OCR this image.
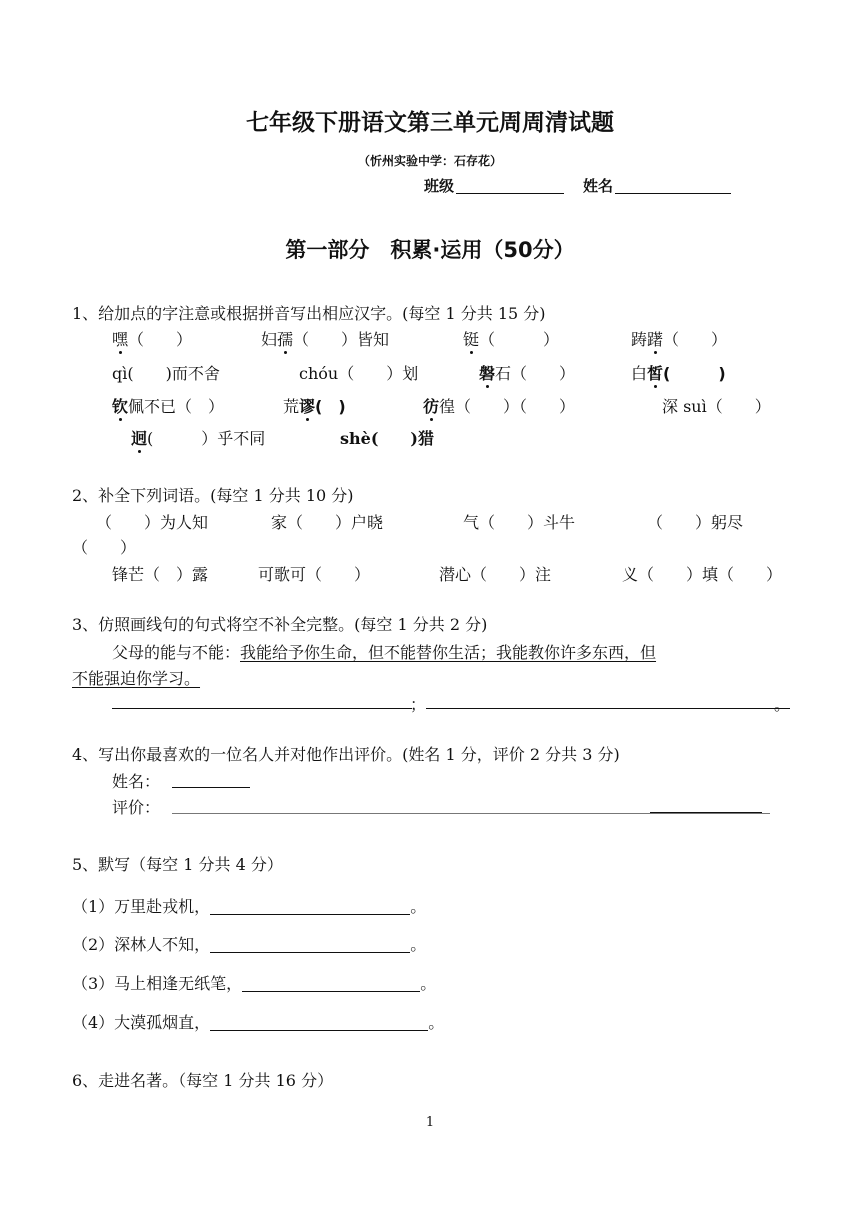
七年级下册语文第三单元周周清试题
（忻州实验中学：石存花）
班级	姓名
第一部分　积累·运用（50分）
1、给加点的字注意或根据拼音写出相应汉字。(每空 1 分共 15 分)
嘿（　　）	妇孺（　　）皆知	铤（　　　）	踌躇（　　）
qì(　　)而不舍	chóu（　　）划	磐石（　　）	白皙(　　　)
钦佩不已（　）	荒谬(　)	彷徨（　　）（　　）	深 suì（　　）
迥(　　　）乎不同	shè(　　)猎
2、补全下列词语。(每空 1 分共 10 分)
（　　）为人知	家（　　）户晓	气（　　）斗牛	（　　）躬尽
（　　）
锋芒（　）露	可歌可（　　）	潜心（　　）注	义（　　）填（　　）
3、仿照画线句的句式将空不补全完整。(每空 1 分共 2 分)
父母的能与不能：我能给予你生命，但不能替你生活；我能教你许多东西，但
不能强迫你学习。
；	。
4、写出你最喜欢的一位名人并对他作出评价。(姓名 1 分，评价 2 分共 3 分)
姓名：
评价：
5、默写（每空 1 分共 4 分）
（1）万里赴戎机，	。
（2）深林人不知，	。
（3）马上相逢无纸笔，	。
（4）大漠孤烟直，	。
6、走进名著。（每空 1 分共 16 分）
1
